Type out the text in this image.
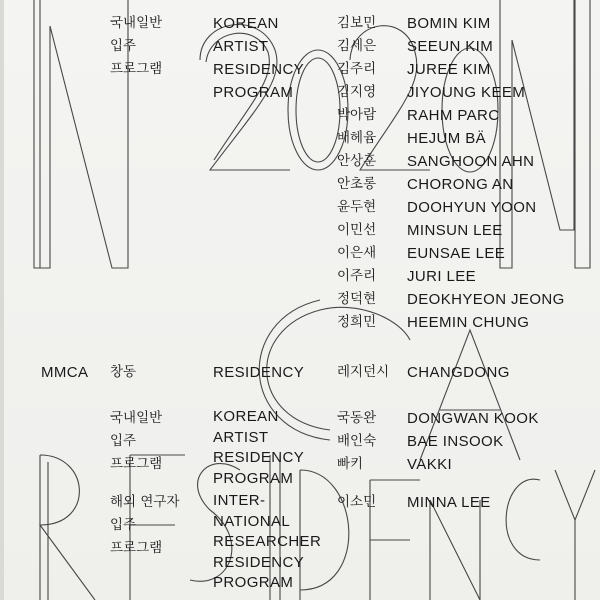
국내일반
입주
프로그램
KOREAN
ARTIST
RESIDENCY
PROGRAM
김보민
김세은
김주리
김지영
박아람
배헤윰
안상훈
안초롱
윤두현
이민선
이은새
이주리
정덕현
정희민
BOMIN KIM
SEEUN KIM
JUREE KIM
JIYOUNG KEEM
RAHM PARC
HEJUM BÄ
SANGHOON AHN
CHORONG AN
DOOHYUN YOON
MINSUN LEE
EUNSAE LEE
JURI LEE
DEOKHYEON JEONG
HEEMIN CHUNG
MMCA 창동	RESIDENCY 레지던시 CHANGDONG
국내일반
입주
프로그램
KOREAN
ARTIST
RESIDENCY
PROGRAM
국동완
배인숙
빠키
DONGWAN KOOK
BAE INSOOK
VAKKI
해외 연구자
입주
프로그램
INTER-
NATIONAL
RESEARCHER
RESIDENCY
PROGRAM
이소민 MINNA LEE
